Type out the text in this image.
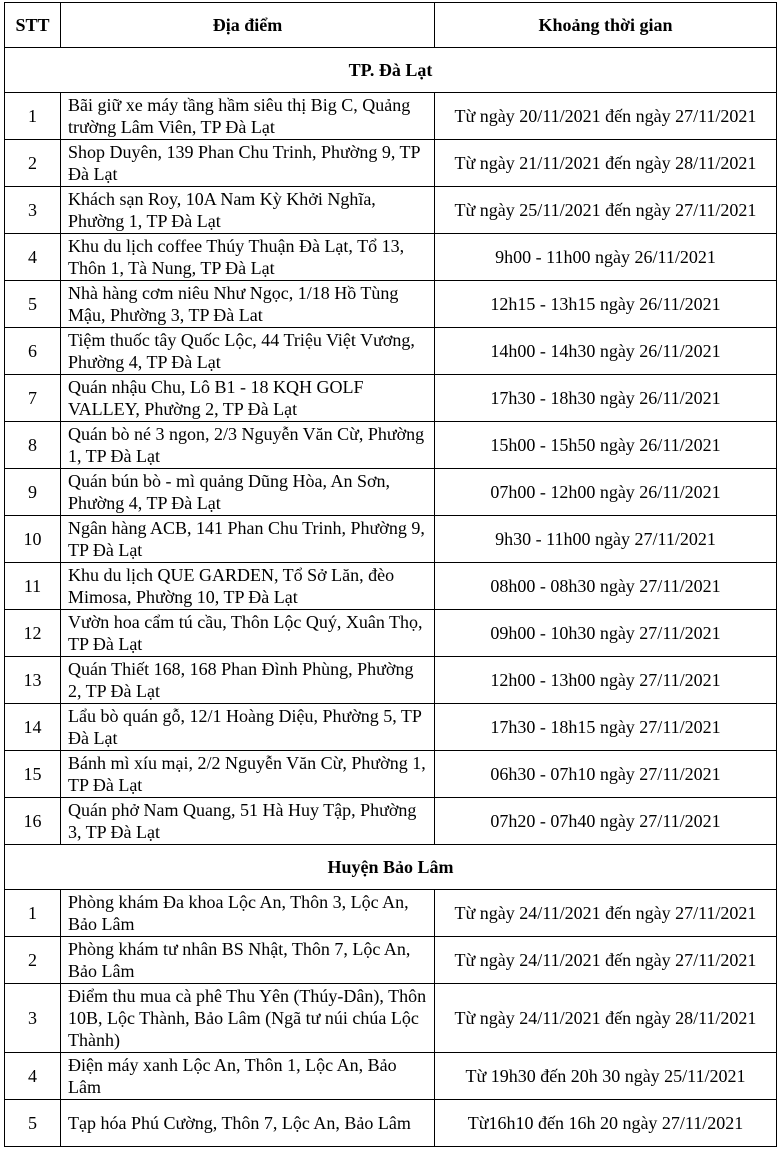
STT	Địa điểm	Khoảng thời gian
TP. Đà Lạt		
1	Bãi giữ xe máy tầng hầm siêu thị Big C, Quảng trường Lâm Viên, TP Đà Lạt	Từ ngày 20/11/2021 đến ngày 27/11/2021
2	Shop Duyên, 139 Phan Chu Trinh, Phường 9, TP Đà Lạt	Từ ngày 21/11/2021 đến ngày 28/11/2021
3	Khách sạn Roy, 10A Nam Kỳ Khởi Nghĩa, Phường 1, TP Đà Lạt	Từ ngày 25/11/2021 đến ngày 27/11/2021
4	Khu du lịch coffee Thúy Thuận Đà Lạt, Tổ 13, Thôn 1, Tà Nung, TP Đà Lạt	9h00 - 11h00 ngày 26/11/2021
5	Nhà hàng cơm niêu Như Ngọc, 1/18 Hồ Tùng Mậu, Phường 3, TP Đà Lat	12h15 - 13h15 ngày 26/11/2021
6	Tiệm thuốc tây Quốc Lộc, 44 Triệu Việt Vương, Phường 4, TP Đà Lạt	14h00 - 14h30 ngày 26/11/2021
7	Quán nhậu Chu, Lô B1 - 18 KQH GOLF VALLEY, Phường 2, TP Đà Lạt	17h30 - 18h30 ngày 26/11/2021
8	Quán bò né 3 ngon, 2/3 Nguyễn Văn Cừ, Phường 1, TP Đà Lạt	15h00 - 15h50 ngày 26/11/2021
9	Quán bún bò - mì quảng Dũng Hòa, An Sơn, Phường 4, TP Đà Lạt	07h00 - 12h00 ngày 26/11/2021
10	Ngân hàng ACB, 141 Phan Chu Trinh, Phường 9, TP Đà Lạt	9h30 - 11h00 ngày 27/11/2021
11	Khu du lịch QUE GARDEN, Tổ Sở Lăn, đèo Mimosa, Phường 10, TP Đà Lạt	08h00 - 08h30 ngày 27/11/2021
12	Vườn hoa cẩm tú cầu, Thôn Lộc Quý, Xuân Thọ, TP Đà Lạt	09h00 - 10h30 ngày 27/11/2021
13	Quán Thiết 168, 168 Phan Đình Phùng, Phường 2, TP Đà Lạt	12h00 - 13h00 ngày 27/11/2021
14	Lẩu bò quán gỗ, 12/1 Hoàng Diệu, Phường 5, TP Đà Lạt	17h30 - 18h15 ngày 27/11/2021
15	Bánh mì xíu mại, 2/2 Nguyễn Văn Cừ, Phường 1, TP Đà Lạt	06h30 - 07h10 ngày 27/11/2021
16	Quán phở Nam Quang, 51 Hà Huy Tập, Phường 3, TP Đà Lạt	07h20 - 07h40 ngày 27/11/2021
Huyện Bảo Lâm		
1	Phòng khám Đa khoa Lộc An, Thôn 3, Lộc An, Bảo Lâm	Từ ngày 24/11/2021 đến ngày 27/11/2021
2	Phòng khám tư nhân BS Nhật, Thôn 7, Lộc An, Bảo Lâm	Từ ngày 24/11/2021 đến ngày 27/11/2021
3	Điểm thu mua cà phê Thu Yên (Thúy-Dân), Thôn 10B, Lộc Thành, Bảo Lâm (Ngã tư núi chúa Lộc Thành)	Từ ngày 24/11/2021 đến ngày 28/11/2021
4	Điện máy xanh Lộc An, Thôn 1, Lộc An, Bảo Lâm	Từ 19h30 đến 20h 30 ngày 25/11/2021
5	Tạp hóa Phú Cường, Thôn 7, Lộc An, Bảo Lâm	Từ16h10 đến 16h 20 ngày 27/11/2021
